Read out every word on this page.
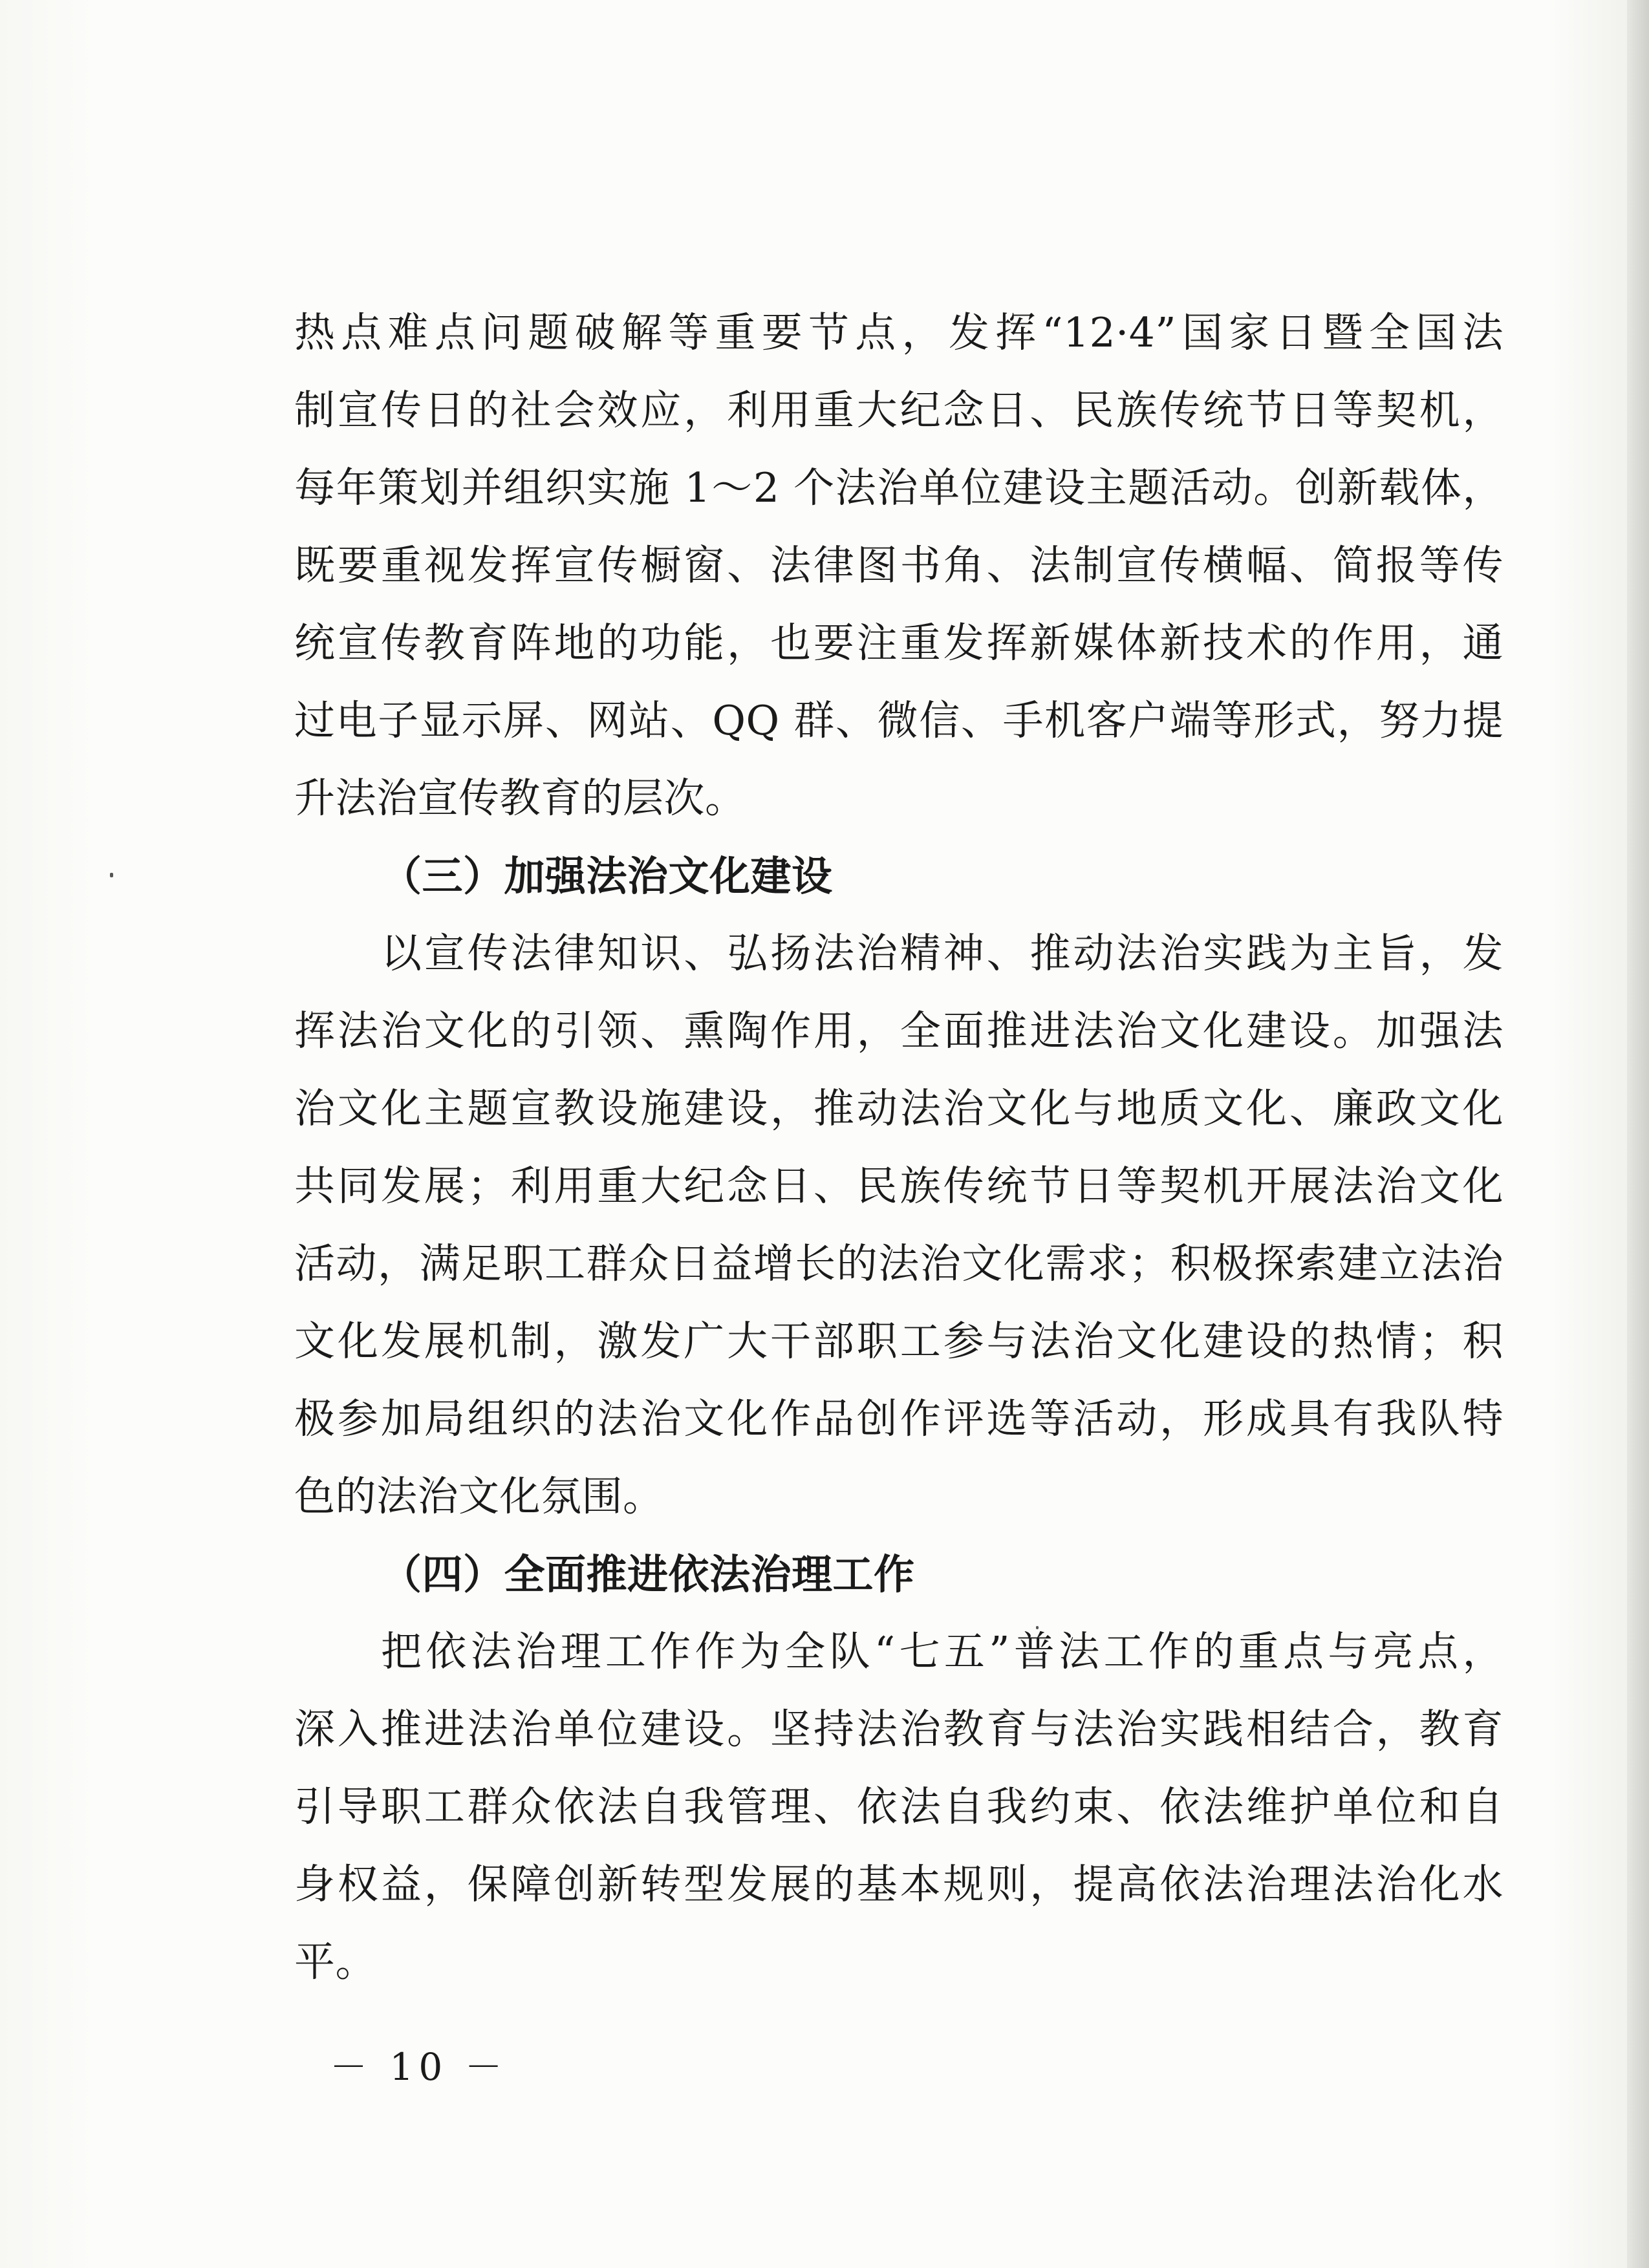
热点难点问题破解等重要节点，发挥“12·4”国家日暨全国法
制宣传日的社会效应，利用重大纪念日、民族传统节日等契机，
每年策划并组织实施 1～2 个法治单位建设主题活动。创新载体，
既要重视发挥宣传橱窗、法律图书角、法制宣传横幅、简报等传
统宣传教育阵地的功能，也要注重发挥新媒体新技术的作用，通
过电子显示屏、网站、QQ 群、微信、手机客户端等形式，努力提
升法治宣传教育的层次。
（三）加强法治文化建设
以宣传法律知识、弘扬法治精神、推动法治实践为主旨，发
挥法治文化的引领、熏陶作用，全面推进法治文化建设。加强法
治文化主题宣教设施建设，推动法治文化与地质文化、廉政文化
共同发展；利用重大纪念日、民族传统节日等契机开展法治文化
活动，满足职工群众日益增长的法治文化需求；积极探索建立法治
文化发展机制，激发广大干部职工参与法治文化建设的热情；积
极参加局组织的法治文化作品创作评选等活动，形成具有我队特
色的法治文化氛围。
（四）全面推进依法治理工作
把依法治理工作作为全队“七五”普法工作的重点与亮点，
深入推进法治单位建设。坚持法治教育与法治实践相结合，教育
引导职工群众依法自我管理、依法自我约束、依法维护单位和自
身权益，保障创新转型发展的基本规则，提高依法治理法治化水
平。
－ 10 －
